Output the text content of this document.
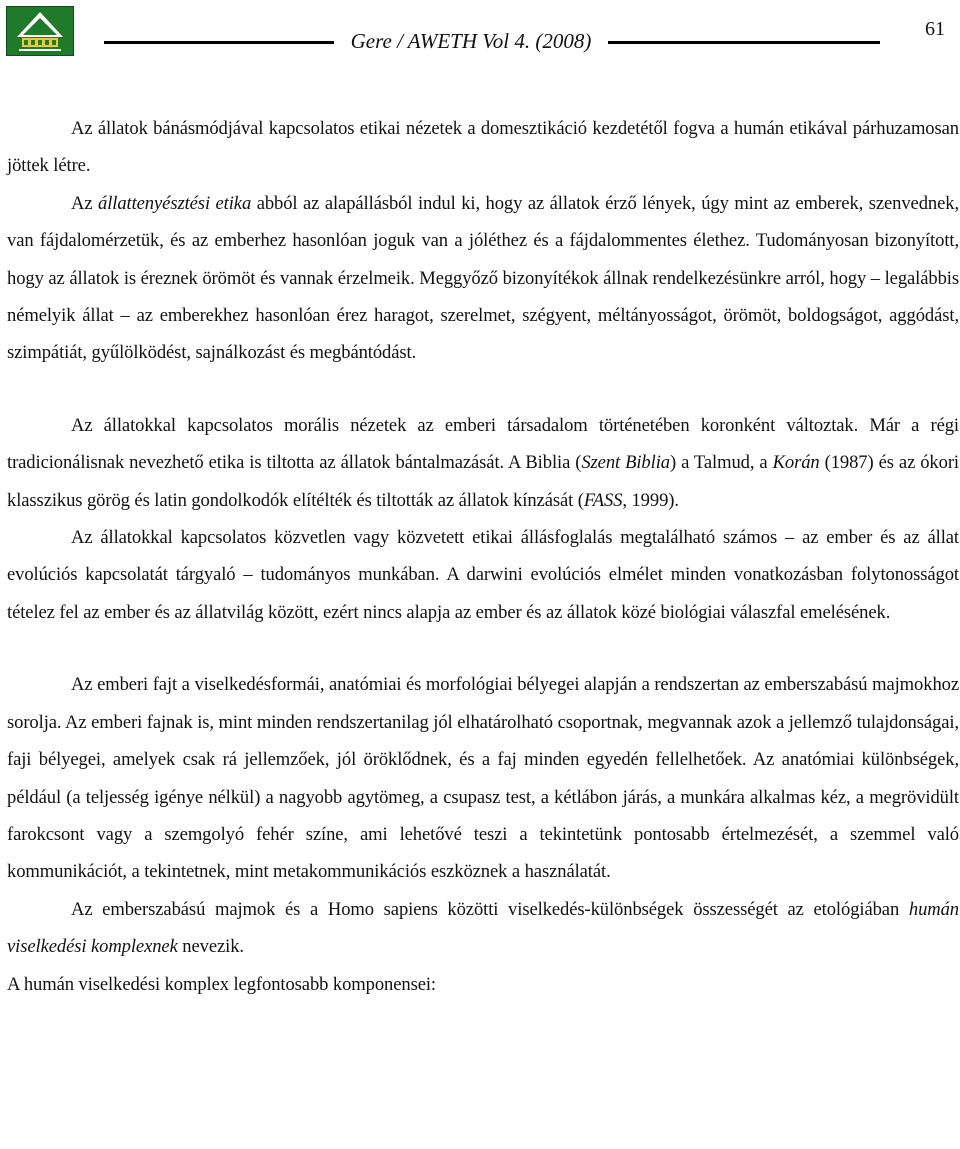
Gere / AWETH Vol 4. (2008)	61

Az állatok bánásmódjával kapcsolatos etikai nézetek a domesztikáció kezdetétől fogva a humán etikával párhuzamosan jöttek létre.

Az állattenyésztési etika abból az alapállásból indul ki, hogy az állatok érző lények, úgy mint az emberek, szenvednek, van fájdalomérzetük, és az emberhez hasonlóan joguk van a jóléthez és a fájdalommentes élethez. Tudományosan bizonyított, hogy az állatok is éreznek örömöt és vannak érzelmeik. Meggyőző bizonyítékok állnak rendelkezésünkre arról, hogy – legalábbis némelyik állat – az emberekhez hasonlóan érez haragot, szerelmet, szégyent, méltányosságot, örömöt, boldogságot, aggódást, szimpátiát, gyűlölködést, sajnálkozást és megbántódást.

Az állatokkal kapcsolatos morális nézetek az emberi társadalom történetében koronként változtak. Már a régi tradicionálisnak nevezhető etika is tiltotta az állatok bántalmazását. A Biblia (Szent Biblia) a Talmud, a Korán (1987) és az ókori klasszikus görög és latin gondolkodók elítélték és tiltották az állatok kínzását (FASS, 1999).

Az állatokkal kapcsolatos közvetlen vagy közvetett etikai állásfoglalás megtalálható számos – az ember és az állat evolúciós kapcsolatát tárgyaló – tudományos munkában. A darwini evolúciós elmélet minden vonatkozásban folytonosságot tételez fel az ember és az állatvilág között, ezért nincs alapja az ember és az állatok közé biológiai válaszfal emelésének.

Az emberi fajt a viselkedésformái, anatómiai és morfológiai bélyegei alapján a rendszertan az emberszabású majmokhoz sorolja. Az emberi fajnak is, mint minden rendszertanilag jól elhatárolható csoportnak, megvannak azok a jellemző tulajdonságai, faji bélyegei, amelyek csak rá jellemzőek, jól öröklődnek, és a faj minden egyedén fellelhetőek. Az anatómiai különbségek, például (a teljesség igénye nélkül) a nagyobb agytömeg, a csupasz test, a kétlábon járás, a munkára alkalmas kéz, a megrövidült farokcsont vagy a szemgolyó fehér színe, ami lehetővé teszi a tekintetünk pontosabb értelmezését, a szemmel való kommunikációt, a tekintetnek, mint metakommunikációs eszköznek a használatát.

Az emberszabású majmok és a Homo sapiens közötti viselkedés-különbségek összességét az etológiában humán viselkedési komplexnek nevezik.

A humán viselkedési komplex legfontosabb komponensei:
